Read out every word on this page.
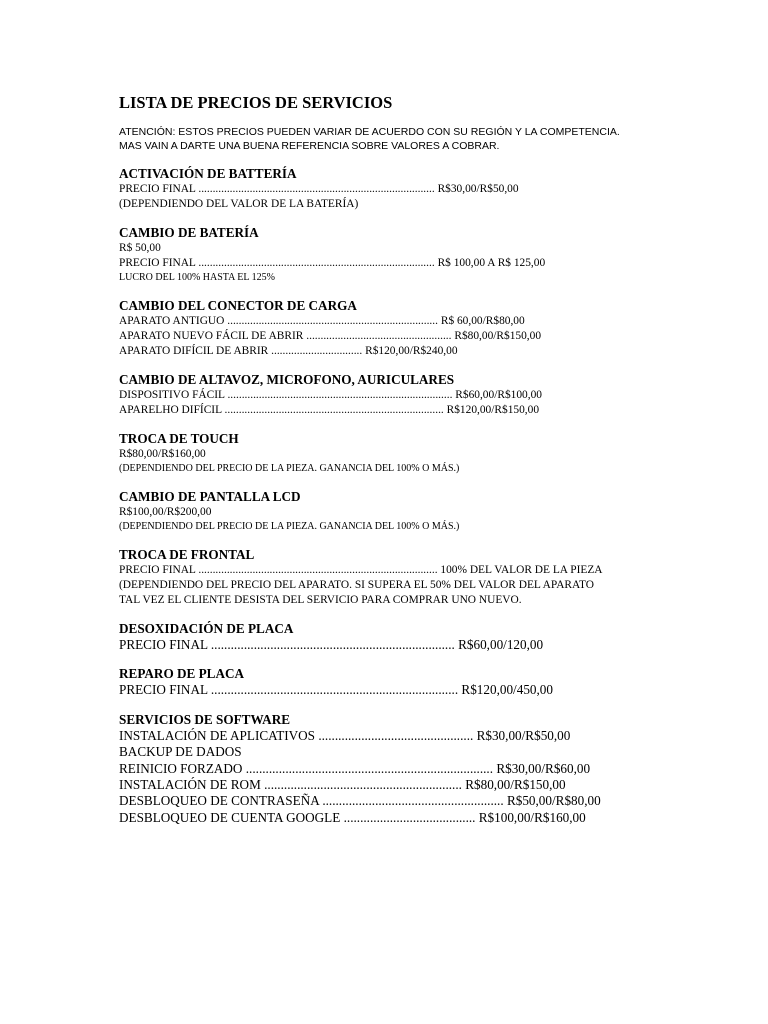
LISTA DE PRECIOS DE SERVICIOS
ATENCIÓN: ESTOS PRECIOS PUEDEN VARIAR DE ACUERDO CON SU REGIÓN Y LA COMPETENCIA.
MAS VAIN A DARTE UNA BUENA REFERENCIA SOBRE VALORES A COBRAR.
ACTIVACIÓN DE BATTERÍA
PRECIO FINAL ................................................................................... R$30,00/R$50,00
(DEPENDIENDO DEL VALOR DE LA BATERÍA)
CAMBIO DE BATERÍA
R$ 50,00
PRECIO FINAL ................................................................................... R$ 100,00 A R$ 125,00
LUCRO DEL 100% HASTA EL 125%
CAMBIO DEL CONECTOR DE CARGA
APARATO ANTIGUO .......................................................................... R$ 60,00/R$80,00
APARATO NUEVO FÁCIL DE ABRIR ................................................... R$80,00/R$150,00
APARATO DIFÍCIL DE ABRIR ................................ R$120,00/R$240,00
CAMBIO DE ALTAVOZ, MICROFONO, AURICULARES
DISPOSITIVO FÁCIL ............................................................................... R$60,00/R$100,00
APARELHO DIFÍCIL ............................................................................. R$120,00/R$150,00
TROCA DE TOUCH
R$80,00/R$160,00
(DEPENDIENDO DEL PRECIO DE LA PIEZA. GANANCIA DEL 100% O MÁS.)
CAMBIO DE PANTALLA LCD
R$100,00/R$200,00
(DEPENDIENDO DEL PRECIO DE LA PIEZA. GANANCIA DEL 100% O MÁS.)
TROCA DE FRONTAL
PRECIO FINAL .................................................................................... 100% DEL VALOR DE LA PIEZA
(DEPENDIENDO DEL PRECIO DEL APARATO. SI SUPERA EL 50% DEL VALOR DEL APARATO
TAL VEZ EL CLIENTE DESISTA DEL SERVICIO PARA COMPRAR UNO NUEVO.
DESOXIDACIÓN DE PLACA
PRECIO FINAL .......................................................................... R$60,00/120,00
REPARO DE PLACA
PRECIO FINAL ........................................................................... R$120,00/450,00
SERVICIOS DE SOFTWARE
INSTALACIÓN DE APLICATIVOS ............................................... R$30,00/R$50,00
BACKUP DE DADOS
REINICIO FORZADO ........................................................................... R$30,00/R$60,00
INSTALACIÓN DE ROM ............................................................ R$80,00/R$150,00
DESBLOQUEO DE CONTRASEÑA ....................................................... R$50,00/R$80,00
DESBLOQUEO DE CUENTA GOOGLE ........................................ R$100,00/R$160,00
